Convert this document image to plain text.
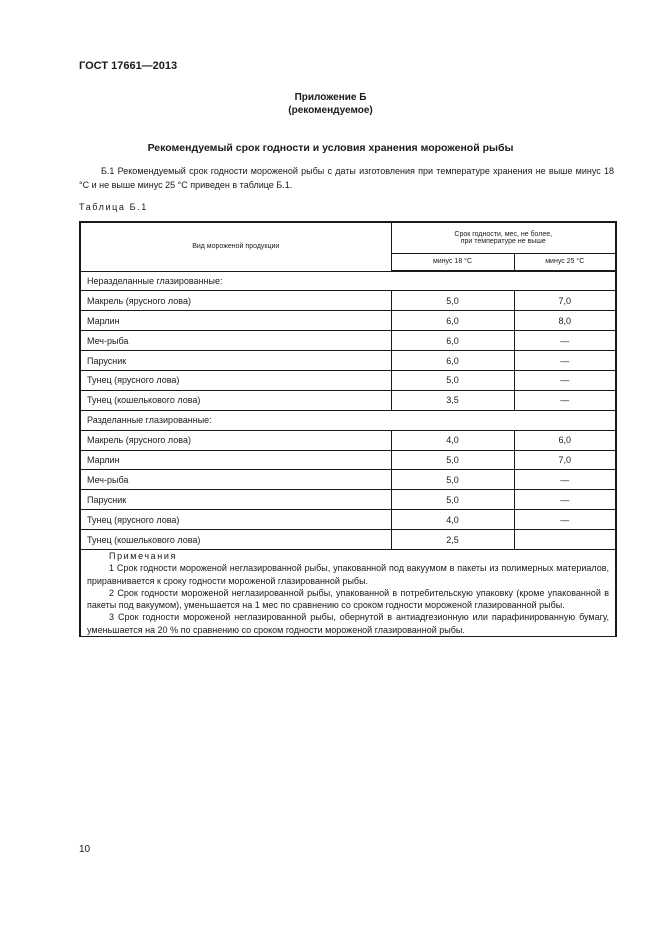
ГОСТ 17661—2013
Приложение Б
(рекомендуемое)
Рекомендуемый срок годности и условия хранения мороженой рыбы

Б.1 Рекомендуемый срок годности мороженой рыбы с даты изготовления при температуре хранения не выше минус 18 °С и не выше минус 25 °С приведен в таблице Б.1.

Таблица Б.1
Вид мороженой продукции	Срок годности, мес, не более,
при температуре не выше	

	минус 18 °С	минус 25 °С
Неразделанные глазированные:		
Макрель (ярусного лова)	5,0	7,0
Марлин	6,0	8,0
Меч-рыба	6,0	—
Парусник	6,0	—
Тунец (ярусного лова)	5,0	—
Тунец (кошелькового лова)	3,5	—
Разделанные глазированные:		
Макрель (ярусного лова)	4,0	6,0
Марлин	5,0	7,0
Меч-рыба	5,0	—
Парусник	5,0	—
Тунец (ярусного лова)	4,0	—
Тунец (кошелькового лова)	2,5	

Примечания

1 Срок годности мороженой неглазированной рыбы, упакованной под вакуумом в пакеты из полимерных материалов, приравнивается к сроку годности мороженой глазированной рыбы.

2 Срок годности мороженой неглазированной рыбы, упакованной в потребительскую упаковку (кроме упакованной в пакеты под вакуумом), уменьшается на 1 мес по сравнению со сроком годности мороженой глазированной рыбы.

3 Срок годности мороженой неглазированной рыбы, обернутой в антиадгезионную или парафинированную бумагу, уменьшается на 20 % по сравнению со сроком годности мороженой глазированной рыбы.		

10
